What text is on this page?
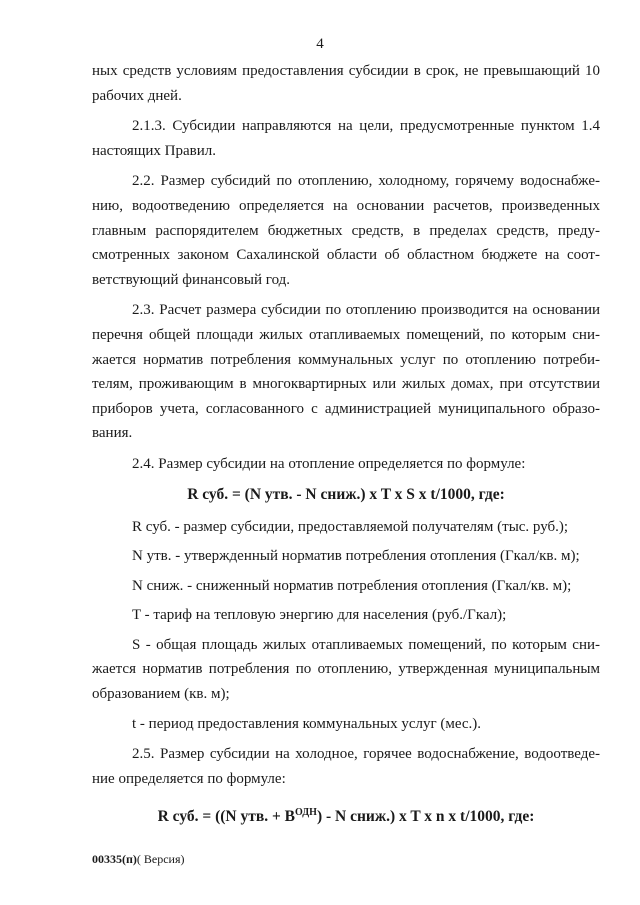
4

ных средств условиям предоставления субсидии в срок, не превышающий 10 рабочих дней.

2.1.3. Субсидии направляются на цели, предусмотренные пунктом 1.4 настоящих Правил.

2.2. Размер субсидий по отоплению, холодному, горячему водоснабжению, водоотведению определяется на основании расчетов, произведенных главным распорядителем бюджетных средств, в пределах средств, предусмотренных законом Сахалинской области об областном бюджете на соответствующий финансовый год.

2.3. Расчет размера субсидии по отоплению производится на основании перечня общей площади жилых отапливаемых помещений, по которым снижается норматив потребления коммунальных услуг по отоплению потребителям, проживающим в многоквартирных или жилых домах, при отсутствии приборов учета, согласованного с администрацией муниципального образования.

2.4. Размер субсидии на отопление определяется по формуле:

R суб. = (N утв. - N сниж.) x T x S x t/1000, где:

R суб. - размер субсидии, предоставляемой получателям (тыс. руб.);

N утв. - утвержденный норматив потребления отопления (Гкал/кв. м);

N сниж. - сниженный норматив потребления отопления (Гкал/кв. м);

T - тариф на тепловую энергию для населения (руб./Гкал);

S - общая площадь жилых отапливаемых помещений, по которым снижается норматив потребления по отоплению, утвержденная муниципальным образованием (кв. м);

t - период предоставления коммунальных услуг (мес.).

2.5. Размер субсидии на холодное, горячее водоснабжение, водоотведение определяется по формуле:

R суб. = ((N утв. + $B^{ОДН}$) - N сниж.) x T x n x t/1000, где:

00335(п)( Версия)
